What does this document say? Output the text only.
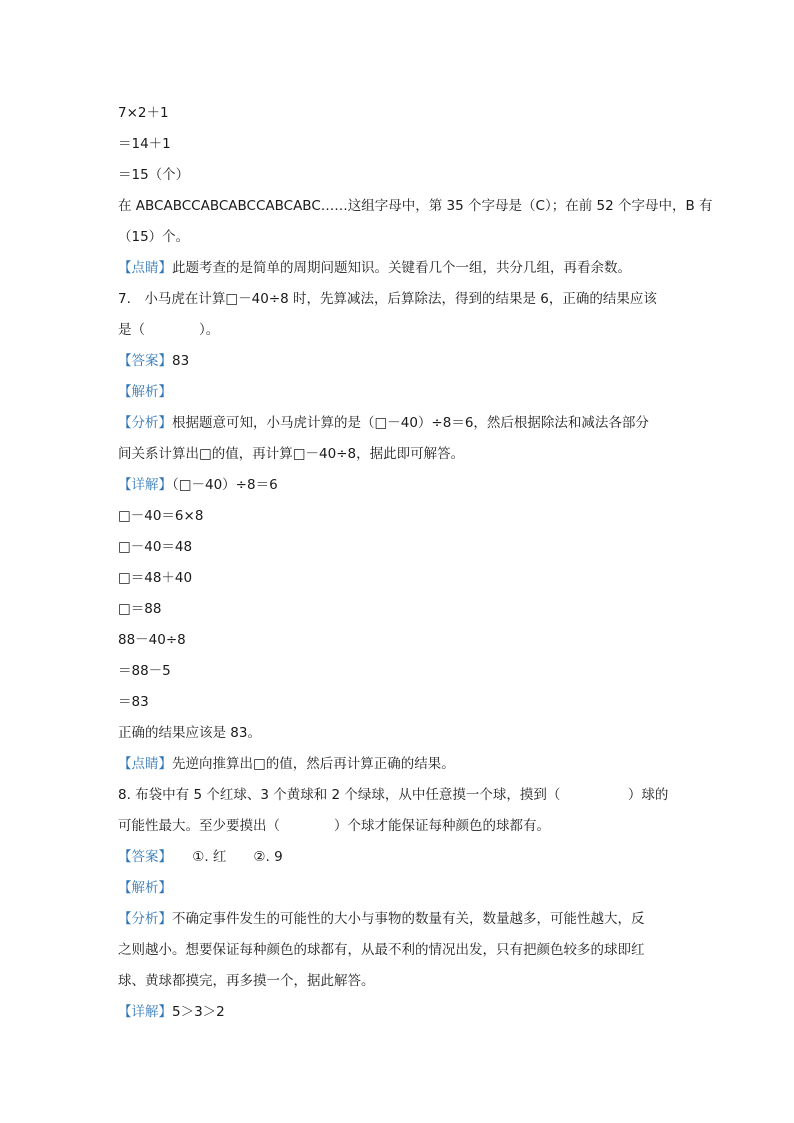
7×2＋1
＝14＋1
＝15（个）
在 ABCABCCABCABCCABCABC……这组字母中，第 35 个字母是（C）；在前 52 个字母中，B 有
（15）个。
【点睛】此题考查的是简单的周期问题知识。关键看几个一组，共分几组，再看余数。
7.　小马虎在计算□－40÷8 时，先算减法，后算除法，得到的结果是 6，正确的结果应该
是（　　　　）。
【答案】83
【解析】
【分析】根据题意可知，小马虎计算的是（□－40）÷8＝6，然后根据除法和减法各部分
间关系计算出□的值，再计算□－40÷8，据此即可解答。
【详解】（□－40）÷8＝6
□－40＝6×8
□－40＝48
□＝48＋40
□＝88
88－40÷8
＝88－5
＝83
正确的结果应该是 83。
【点睛】先逆向推算出□的值，然后再计算正确的结果。
8. 布袋中有 5 个红球、3 个黄球和 2 个绿球，从中任意摸一个球，摸到（　　　　　）球的
可能性最大。至少要摸出（　　　　）个球才能保证每种颜色的球都有。
【答案】　　①. 红　　②. 9
【解析】
【分析】不确定事件发生的可能性的大小与事物的数量有关，数量越多，可能性越大，反
之则越小。想要保证每种颜色的球都有，从最不利的情况出发，只有把颜色较多的球即红
球、黄球都摸完，再多摸一个，据此解答。
【详解】5＞3＞2
